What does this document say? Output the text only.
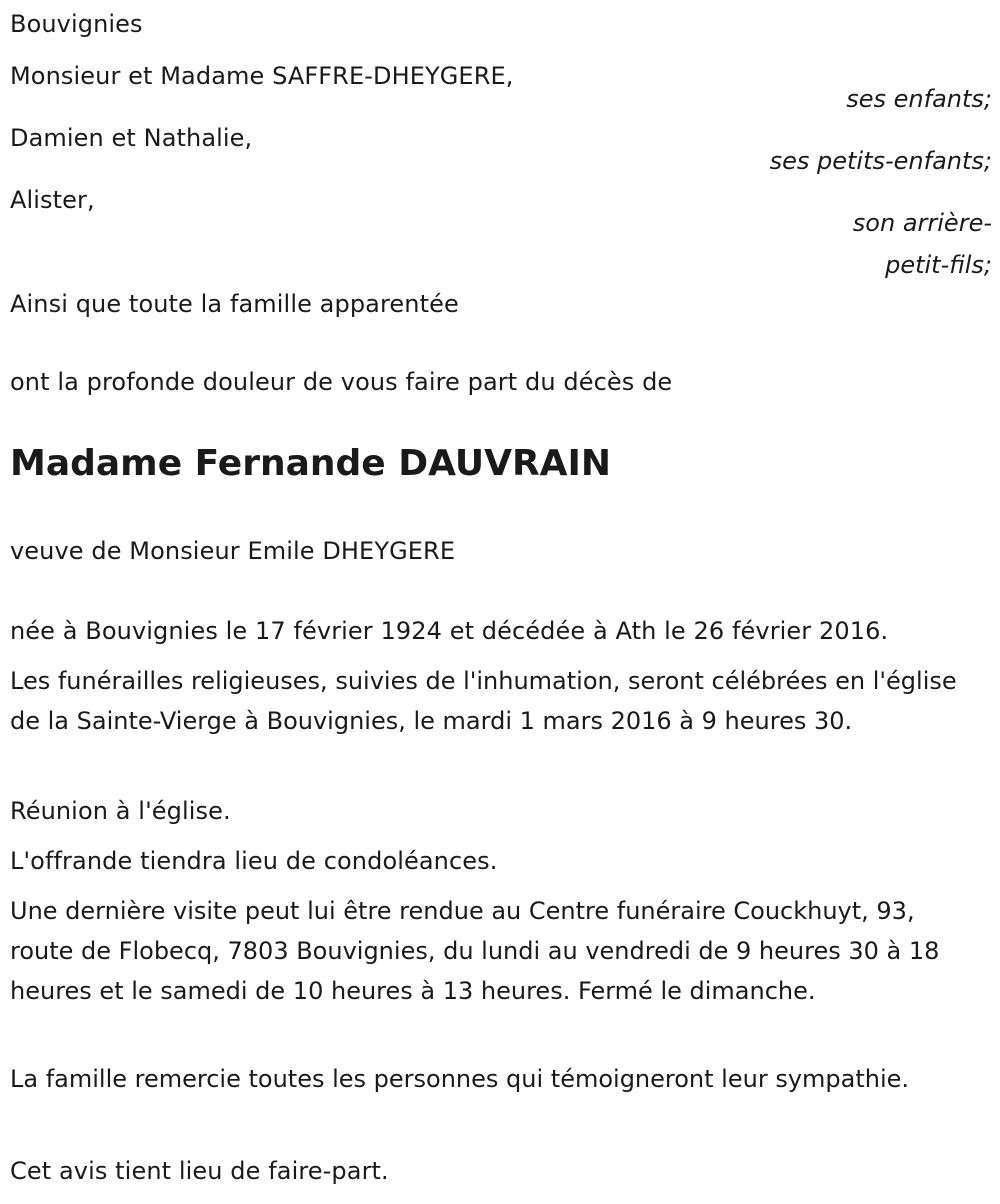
Bouvignies
Monsieur et Madame SAFFRE-DHEYGERE,
ses enfants;
Damien et Nathalie,
ses petits-enfants;
Alister,
son arrière-
petit-fils;
Ainsi que toute la famille apparentée
ont la profonde douleur de vous faire part du décès de
Madame Fernande DAUVRAIN
veuve de Monsieur Emile DHEYGERE
née à Bouvignies le 17 février 1924 et décédée à Ath le 26 février 2016.
Les funérailles religieuses, suivies de l'inhumation, seront célébrées en l'église de la Sainte-Vierge à Bouvignies, le mardi 1 mars 2016 à 9 heures 30.
Réunion à l'église.
L'offrande tiendra lieu de condoléances.
Une dernière visite peut lui être rendue au Centre funéraire Couckhuyt, 93, route de Flobecq, 7803 Bouvignies, du lundi au vendredi de 9 heures 30 à 18 heures et le samedi de 10 heures à 13 heures. Fermé le dimanche.
La famille remercie toutes les personnes qui témoigneront leur sympathie.
Cet avis tient lieu de faire-part.
